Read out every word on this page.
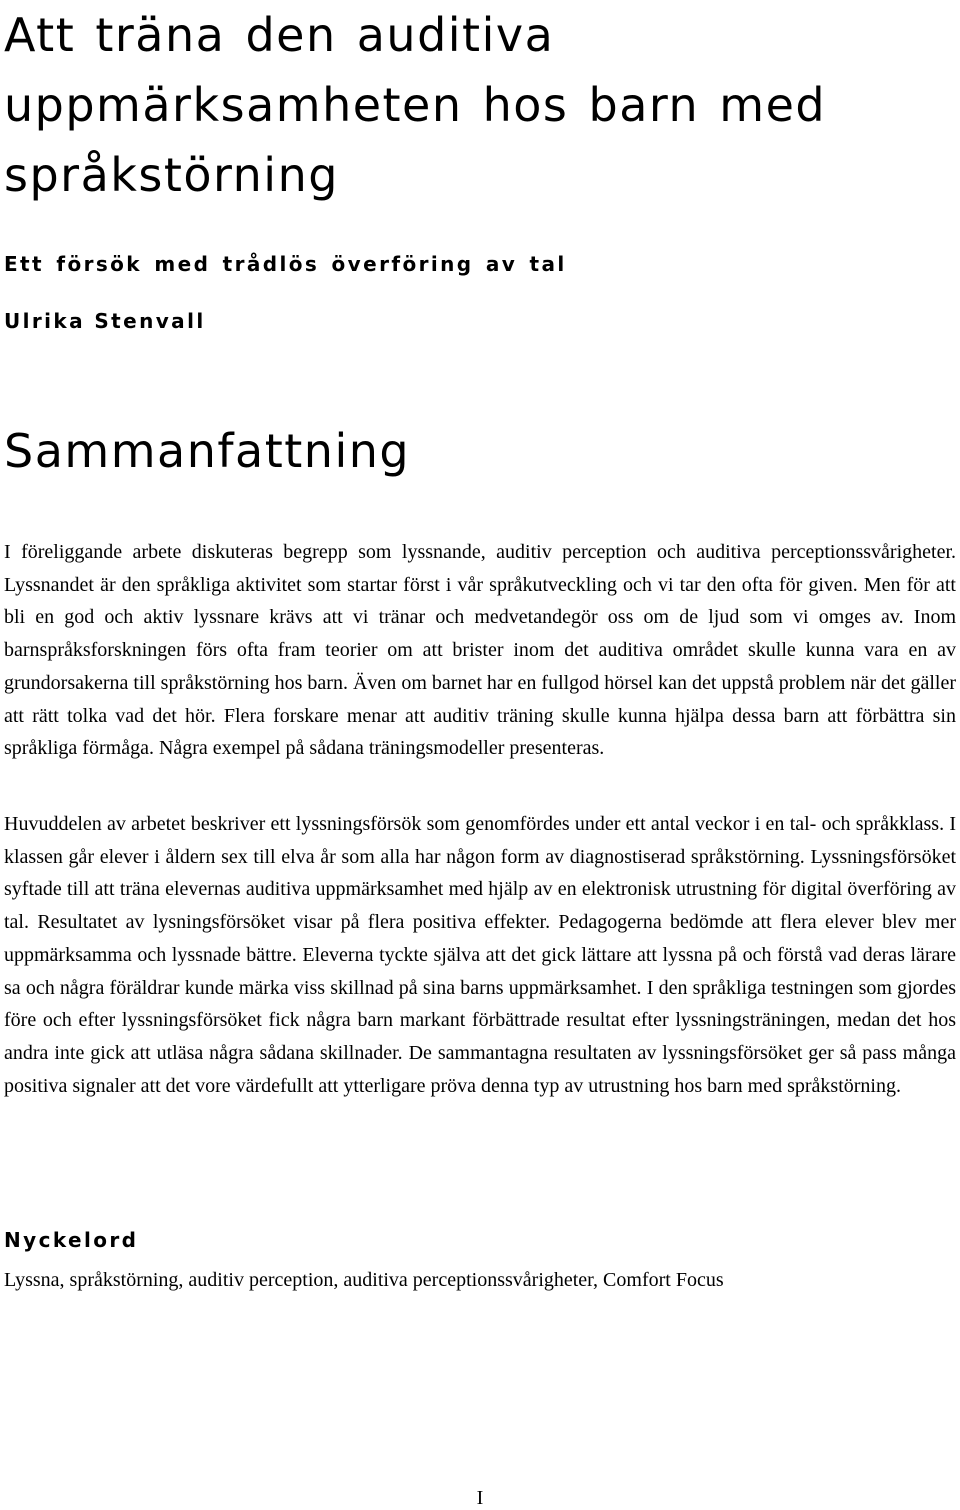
Att träna den auditiva uppmärksamheten hos barn med språkstörning
Ett försök med trådlös överföring av tal

Ulrika Stenvall

Sammanfattning

I föreliggande arbete diskuteras begrepp som lyssnande, auditiv perception och auditiva perceptionssvårigheter. Lyssnandet är den språkliga aktivitet som startar först i vår språkutveckling och vi tar den ofta för given. Men för att bli en god och aktiv lyssnare krävs att vi tränar och medvetandegör oss om de ljud som vi omges av. Inom barnspråksforskningen förs ofta fram teorier om att brister inom det auditiva området skulle kunna vara en av grundorsakerna till språkstörning hos barn. Även om barnet har en fullgod hörsel kan det uppstå problem när det gäller att rätt tolka vad det hör. Flera forskare menar att auditiv träning skulle kunna hjälpa dessa barn att förbättra sin språkliga förmåga. Några exempel på sådana träningsmodeller presenteras.

Huvuddelen av arbetet beskriver ett lyssningsförsök som genomfördes under ett antal veckor i en tal- och språkklass. I klassen går elever i åldern sex till elva år som alla har någon form av diagnostiserad språkstörning. Lyssningsförsöket syftade till att träna elevernas auditiva uppmärksamhet med hjälp av en elektronisk utrustning för digital överföring av tal. Resultatet av lysningsförsöket visar på flera positiva effekter. Pedagogerna bedömde att flera elever blev mer uppmärksamma och lyssnade bättre. Eleverna tyckte själva att det gick lättare att lyssna på och förstå vad deras lärare sa och några föräldrar kunde märka viss skillnad på sina barns uppmärksamhet. I den språkliga testningen som gjordes före och efter lyssningsförsöket fick några barn markant förbättrade resultat efter lyssningsträningen, medan det hos andra inte gick att utläsa några sådana skillnader. De sammantagna resultaten av lyssningsförsöket ger så pass många positiva signaler att det vore värdefullt att ytterligare pröva denna typ av utrustning hos barn med språkstörning.

Nyckelord

Lyssna, språkstörning, auditiv perception, auditiva perceptionssvårigheter, Comfort Focus

I
